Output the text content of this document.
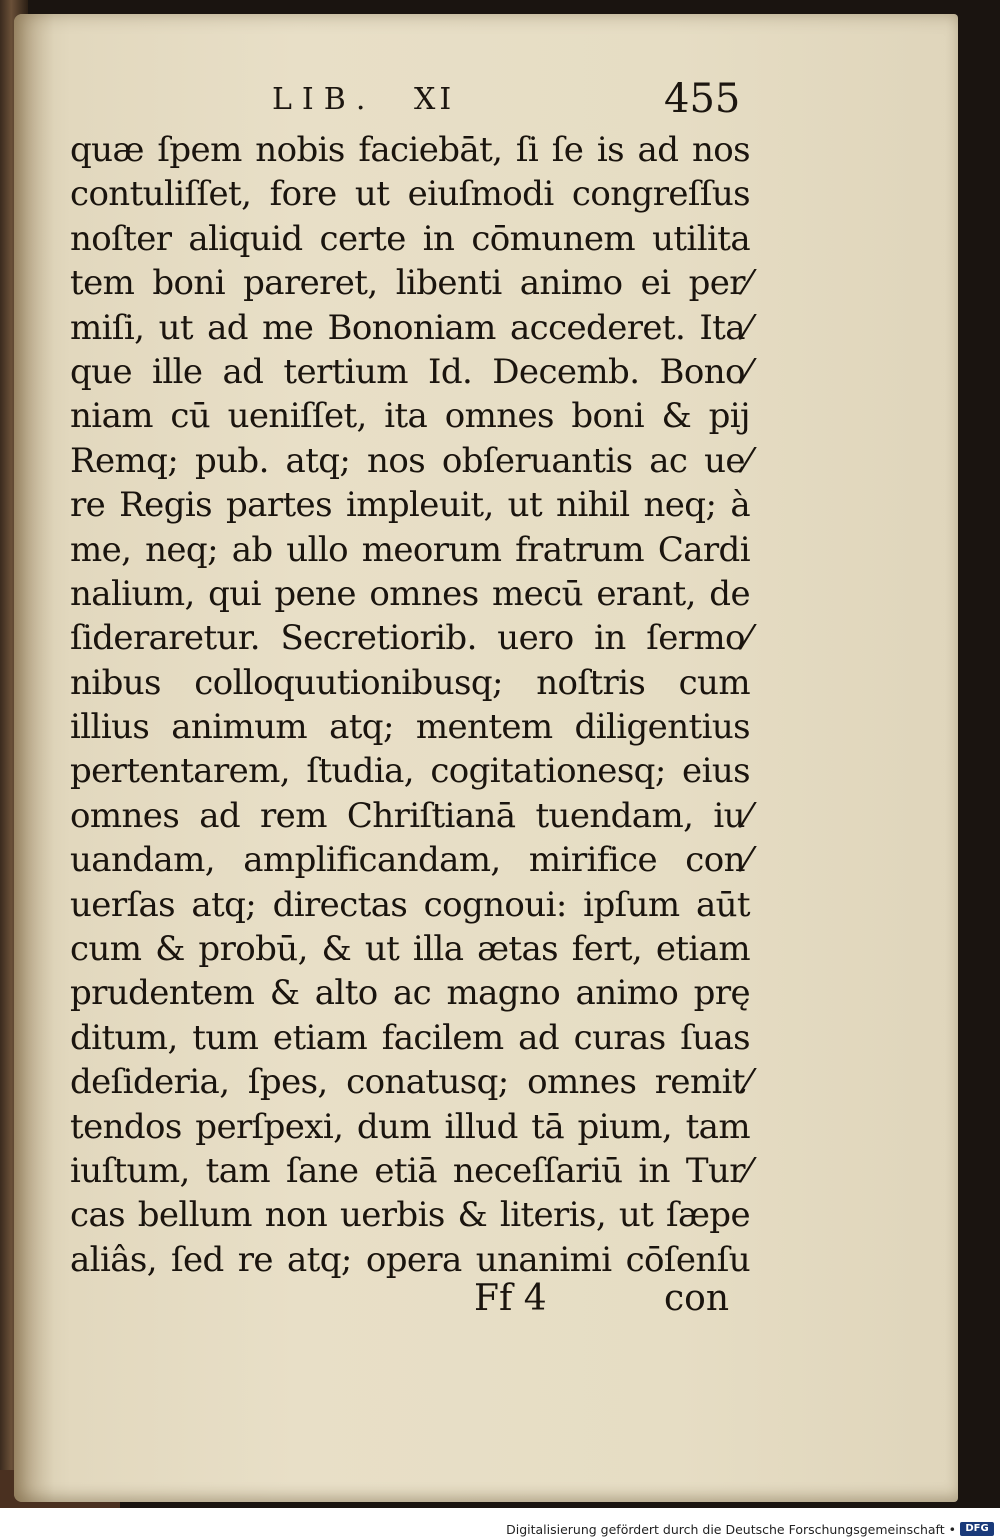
LIB. XI	455
quæ ſpem nobis faciebāt, ſi ſe is ad nos
contuliſſet, fore ut eiuſmodi congreſſus
noſter aliquid certe in cōmunem utilita
tem boni pareret, libenti animo ei per⁄
miſi, ut ad me Bononiam accederet. Ita⁄
que ille ad tertium Id. Decemb. Bono⁄
niam cū ueniſſet, ita omnes boni & pij
Remq; pub. atq; nos obſeruantis ac ue⁄
re Regis partes impleuit, ut nihil neq; à
me, neq; ab ullo meorum fratrum Cardi
nalium, qui pene omnes mecū erant, de
ſideraretur. Secretiorib. uero in ſermo⁄
nibus colloquutionibusq; noſtris cum
illius animum atq; mentem diligentius
pertentarem, ſtudia, cogitationesq; eius
omnes ad rem Chriſtianā tuendam, iu⁄
uandam, amplificandam, mirifice con⁄
uerſas atq; directas cognoui: ipſum aūt
cum & probū, & ut illa ætas fert, etiam
prudentem & alto ac magno animo prę
ditum, tum etiam facilem ad curas ſuas
deſideria, ſpes, conatusq; omnes remit⁄
tendos perſpexi, dum illud tā pium, tam
iuſtum, tam ſane etiā neceſſariū in Tur⁄
cas bellum non uerbis & literis, ut ſæpe
aliâs, ſed re atq; opera unanimi cōſenſu
Ff 4	con
Digitalisierung gefördert durch die Deutsche Forschungsgemeinschaft • DFG
